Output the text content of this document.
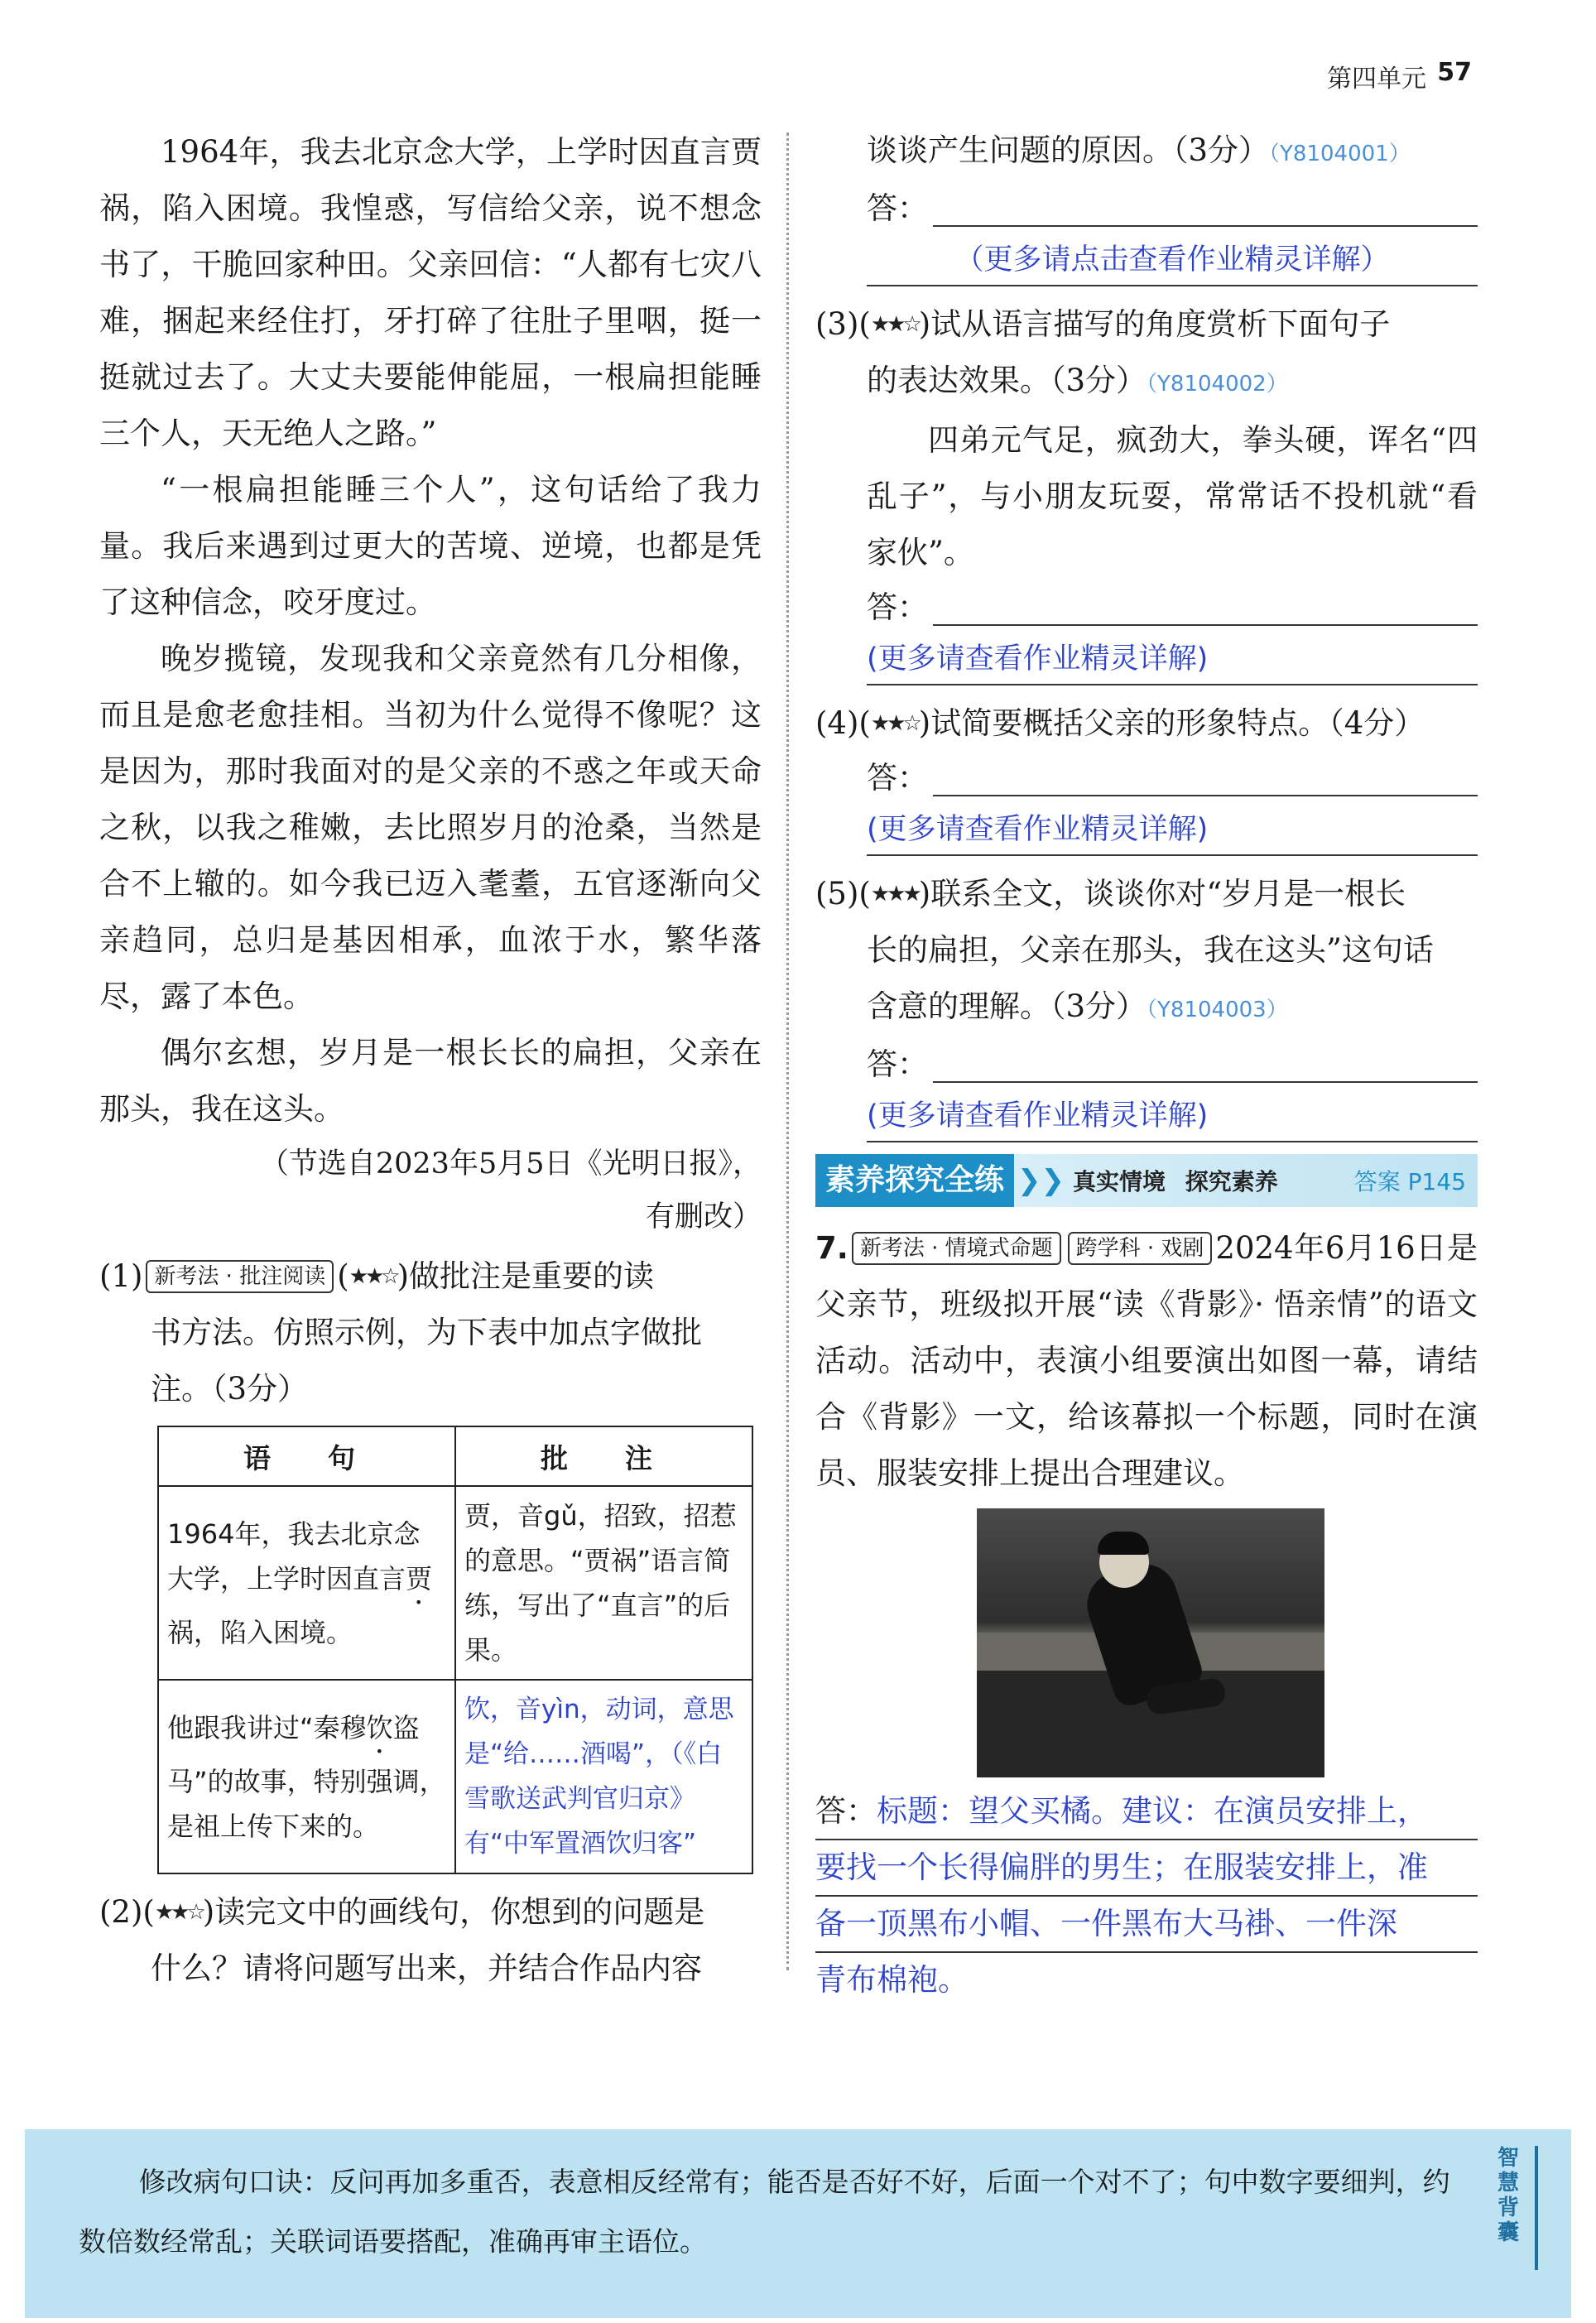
第四单元 57

1964年，我去北京念大学，上学时因直言贾祸，陷入困境。我惶惑，写信给父亲，说不想念书了，干脆回家种田。父亲回信：“人都有七灾八难，捆起来经住打，牙打碎了往肚子里咽，挺一挺就过去了。大丈夫要能伸能屈，一根扁担能睡三个人，天无绝人之路。”

“一根扁担能睡三个人”，这句话给了我力量。我后来遇到过更大的苦境、逆境，也都是凭了这种信念，咬牙度过。

晚岁揽镜，发现我和父亲竟然有几分相像，而且是愈老愈挂相。当初为什么觉得不像呢？这是因为，那时我面对的是父亲的不惑之年或天命之秋，以我之稚嫩，去比照岁月的沧桑，当然是合不上辙的。如今我已迈入耄耋，五官逐渐向父亲趋同，总归是基因相承，血浓于水，繁华落尽，露了本色。

偶尔玄想，岁月是一根长长的扁担，父亲在那头，我在这头。

（节选自2023年5月5日《光明日报》，
有删改）
(1) 新考法 · 批注阅读 (★★☆)做批注是重要的读
书方法。仿照示例，为下表中加点字做批
注。（3分）
语　句	批　注
1964年，我去北京念大学，上学时因直言贾祸，陷入困境。	贾，音gǔ，招致，招惹的意思。“贾祸”语言简练，写出了“直言”的后果。
他跟我讲过“秦穆饮盗马”的故事，特别强调，是祖上传下来的。	饮，音yìn，动词，意思是“给……酒喝”，（《白雪歌送武判官归京》有“中军置酒饮归客”
(2)(★★☆)读完文中的画线句，你想到的问题是
什么？请将问题写出来，并结合作品内容
谈谈产生问题的原因。（3分）（Y8104001）
答：
（更多请点击查看作业精灵详解）
(3)(★★☆)试从语言描写的角度赏析下面句子
的表达效果。（3分）（Y8104002）
四弟元气足，疯劲大，拳头硬，诨名“四乱子”，与小朋友玩耍，常常话不投机就“看家伙”。
答：
(更多请查看作业精灵详解)
(4)(★★☆)试简要概括父亲的形象特点。（4分）
答：
(更多请查看作业精灵详解)
(5)(★★★)联系全文，谈谈你对“岁月是一根长
长的扁担，父亲在那头，我在这头”这句话
含意的理解。（3分）（Y8104003）
答：
(更多请查看作业精灵详解)
素养探究全练 ❯❯ 真实情境 探究素养	答案 P145
7. 新考法 · 情境式命题 跨学科 · 戏剧 2024年6月16日是父亲节，班级拟开展“读《背影》· 悟亲情”的语文活动。活动中，表演小组要演出如图一幕，请结合《背影》一文，给该幕拟一个标题，同时在演员、服装安排上提出合理建议。
答：标题：望父买橘。建议：在演员安排上，
要找一个长得偏胖的男生；在服装安排上，准
备一顶黑布小帽、一件黑布大马褂、一件深
青布棉袍。
修改病句口诀：反问再加多重否，表意相反经常有；能否是否好不好，后面一个对不了；句中数字要细判，约数倍数经常乱；关联词语要搭配，准确再审主语位。
智慧背囊
